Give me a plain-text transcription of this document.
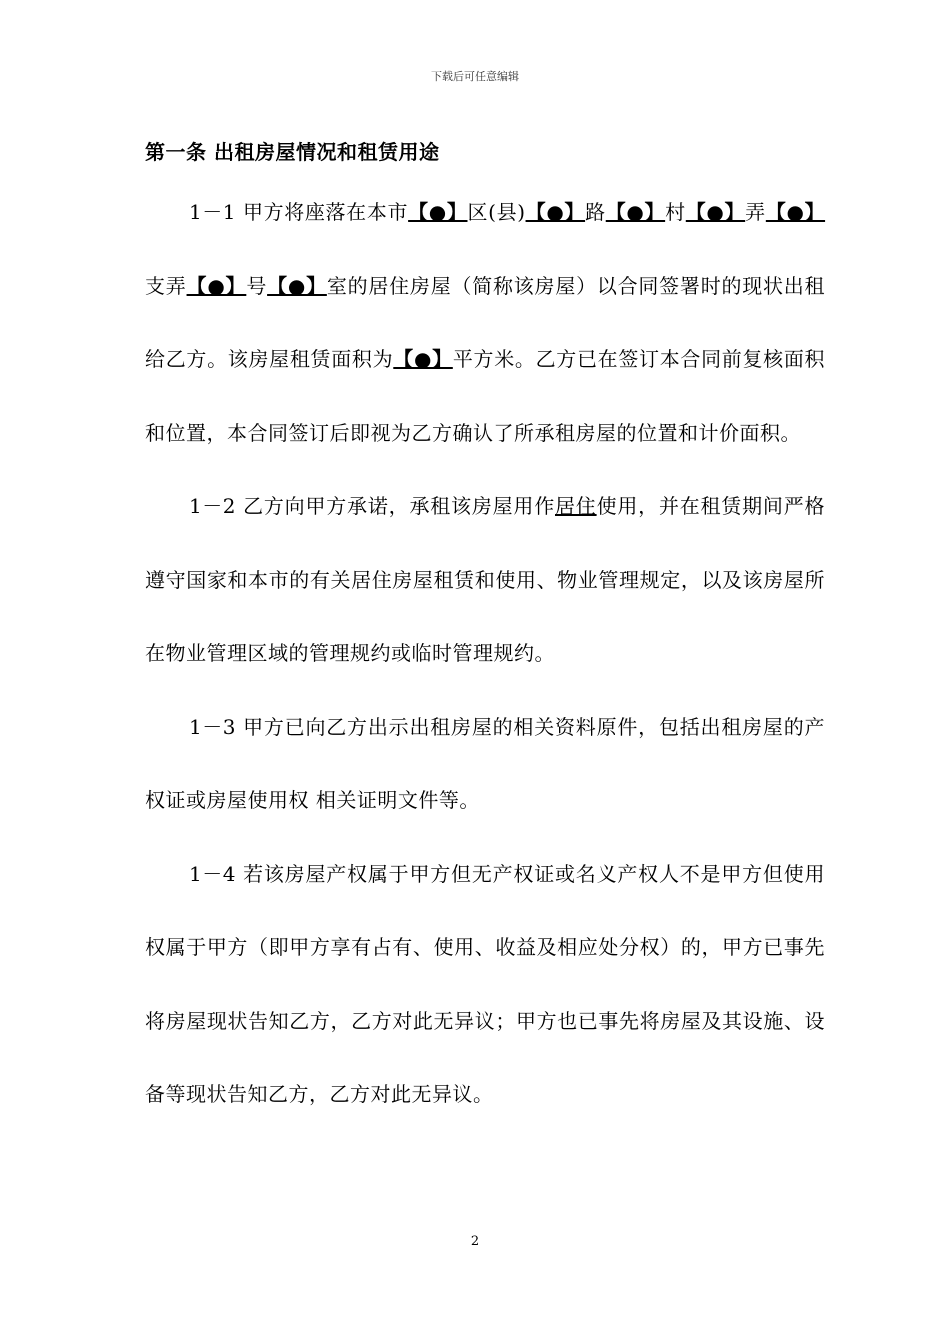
下载后可任意编辑

第一条 出租房屋情况和租赁用途

1－1 甲方将座落在本市【●】区(县)【●】路【●】村【●】弄【●】支弄【●】号【●】室的居住房屋（简称该房屋）以合同签署时的现状出租给乙方。该房屋租赁面积为【●】平方米。乙方已在签订本合同前复核面积和位置，本合同签订后即视为乙方确认了所承租房屋的位置和计价面积。

1－2 乙方向甲方承诺，承租该房屋用作居住使用，并在租赁期间严格遵守国家和本市的有关居住房屋租赁和使用、物业管理规定，以及该房屋所在物业管理区域的管理规约或临时管理规约。

1－3 甲方已向乙方出示出租房屋的相关资料原件，包括出租房屋的产权证或房屋使用权 相关证明文件等。

1－4 若该房屋产权属于甲方但无产权证或名义产权人不是甲方但使用权属于甲方（即甲方享有占有、使用、收益及相应处分权）的，甲方已事先将房屋现状告知乙方，乙方对此无异议；甲方也已事先将房屋及其设施、设备等现状告知乙方，乙方对此无异议。

2
